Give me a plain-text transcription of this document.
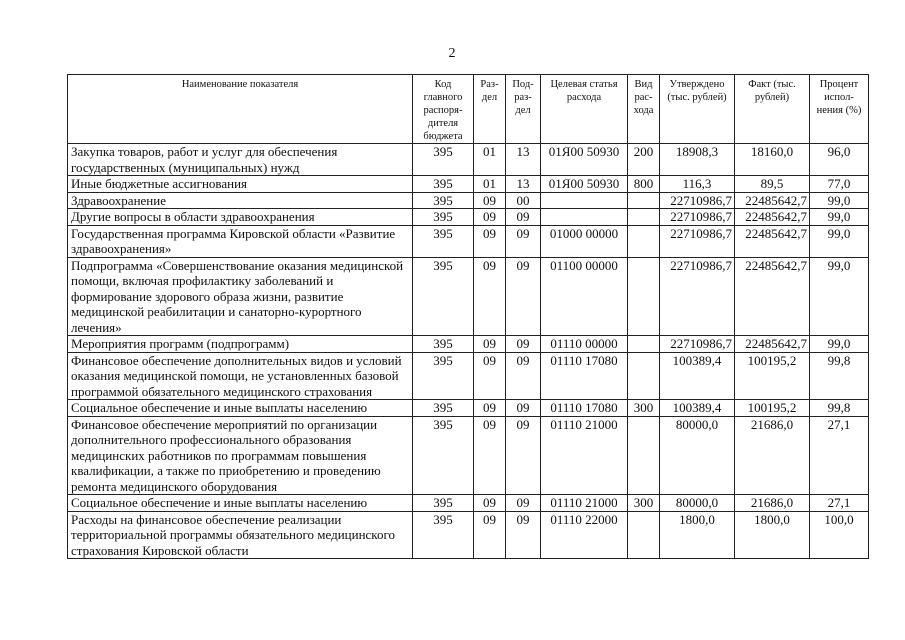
2
Наименование показателя	Код главного распоря-дителя бюджета	Раз-дел	Под-раз-дел	Целевая статья расхода	Вид рас-хода	Утверждено (тыс. рублей)	Факт (тыс. рублей)	Процент испол-нения (%)
Закупка товаров, работ и услуг для обеспечения государственных (муниципальных) нужд	395	01	13	01Я00 50930	200	18908,3	18160,0	96,0
Иные бюджетные ассигнования	395	01	13	01Я00 50930	800	116,3	89,5	77,0
Здравоохранение	395	09	00			22710986,7	22485642,7	99,0
Другие вопросы в области здравоохранения	395	09	09			22710986,7	22485642,7	99,0
Государственная программа Кировской области «Развитие здравоохранения»	395	09	09	01000 00000		22710986,7	22485642,7	99,0
Подпрограмма «Совершенствование оказания медицинской помощи, включая профилактику заболеваний и формирование здорового образа жизни, развитие медицинской реабилитации и санаторно-курортного лечения»	395	09	09	01100 00000		22710986,7	22485642,7	99,0
Мероприятия программ (подпрограмм)	395	09	09	01110 00000		22710986,7	22485642,7	99,0
Финансовое обеспечение дополнительных видов и условий оказания медицинской помощи, не установленных базовой программой обязательного медицинского страхования	395	09	09	01110 17080		100389,4	100195,2	99,8
Социальное обеспечение и иные выплаты населению	395	09	09	01110 17080	300	100389,4	100195,2	99,8
Финансовое обеспечение мероприятий по организации дополнительного профессионального образования медицинских работников по программам повышения квалификации, а также по приобретению и проведению ремонта медицинского оборудования	395	09	09	01110 21000		80000,0	21686,0	27,1
Социальное обеспечение и иные выплаты населению	395	09	09	01110 21000	300	80000,0	21686,0	27,1
Расходы на финансовое обеспечение реализации территориальной программы обязательного медицинского страхования Кировской области	395	09	09	01110 22000		1800,0	1800,0	100,0
